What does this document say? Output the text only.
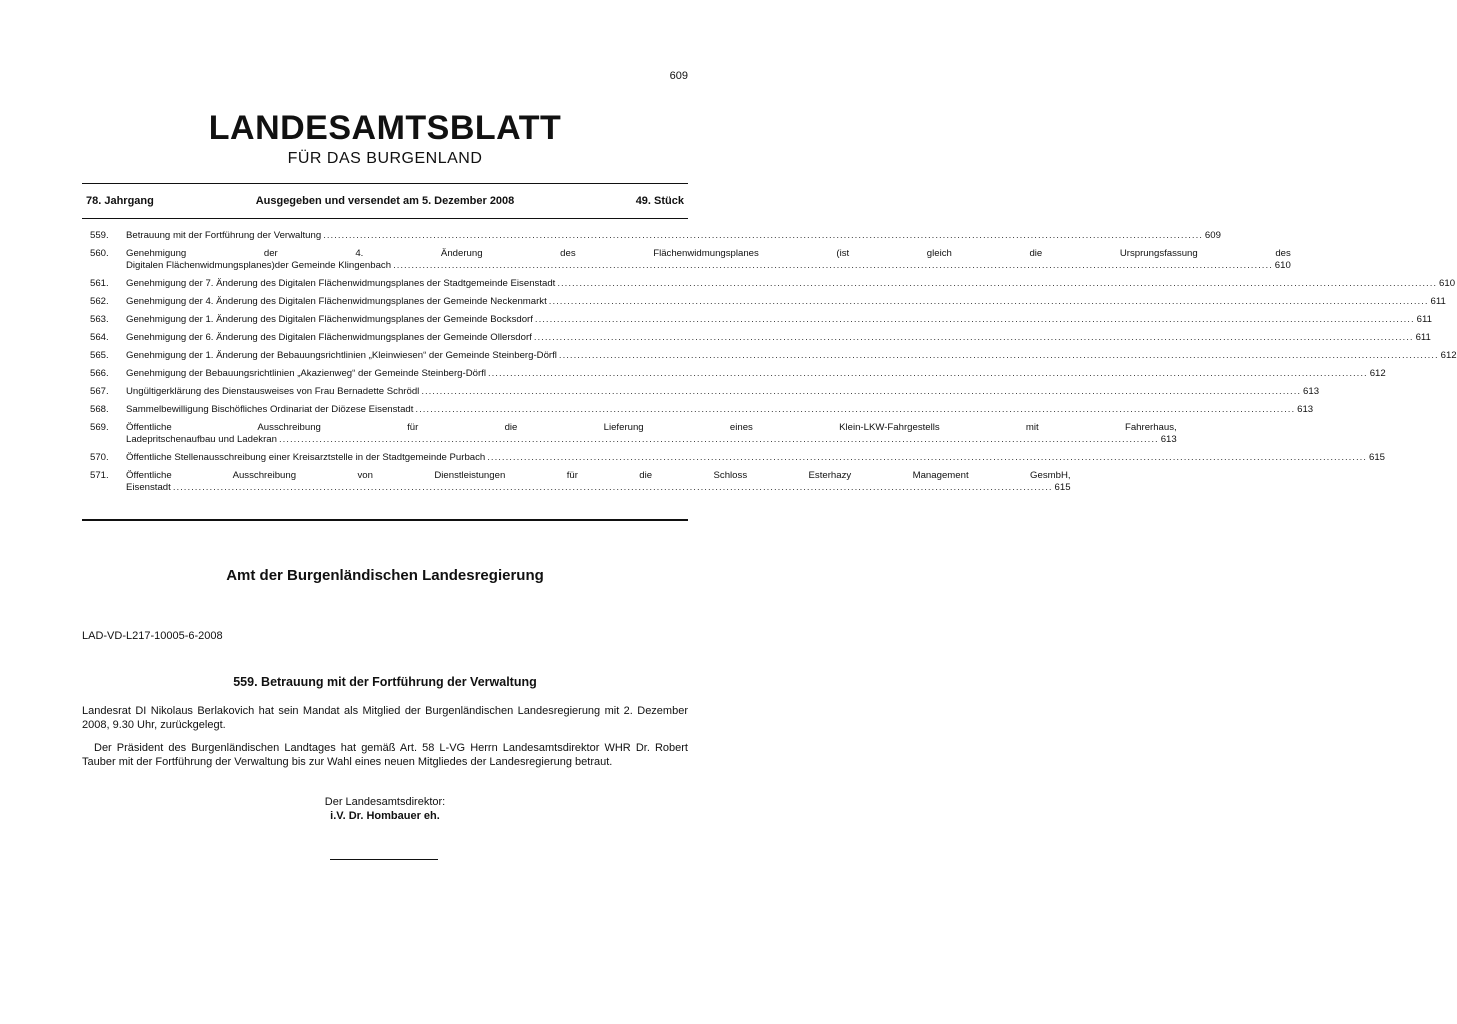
609
LANDESAMTSBLATT
FÜR DAS BURGENLAND
78. Jahrgang	Ausgegeben und versendet am 5. Dezember 2008	49. Stück
559.	Betrauung mit der Fortführung der Verwaltung .....	609
560.	Genehmigung der 4. Änderung des Flächenwidmungsplanes (ist gleich die Ursprungsfassung des
Digitalen Flächenwidmungsplanes)der Gemeinde Klingenbach .....	610
561.	Genehmigung der 7. Änderung des Digitalen Flächenwidmungsplanes der Stadtgemeinde Eisenstadt .....	610
562.	Genehmigung der 4. Änderung des Digitalen Flächenwidmungsplanes der Gemeinde Neckenmarkt .....	611
563.	Genehmigung der 1. Änderung des Digitalen Flächenwidmungsplanes der Gemeinde Bocksdorf .....	611
564.	Genehmigung der 6. Änderung des Digitalen Flächenwidmungsplanes der Gemeinde Ollersdorf .....	611
565.	Genehmigung der 1. Änderung der Bebauungsrichtlinien „Kleinwiesen“ der Gemeinde Steinberg-Dörfl .....	612
566.	Genehmigung der Bebauungsrichtlinien „Akazienweg“ der Gemeinde Steinberg-Dörfl .....	612
567.	Ungültigerklärung des Dienstausweises von Frau Bernadette Schrödl .....	613
568.	Sammelbewilligung Bischöfliches Ordinariat der Diözese Eisenstadt .....	613
569.	Öffentliche Ausschreibung für die Lieferung eines Klein-LKW-Fahrgestells mit Fahrerhaus,
Ladepritschenaufbau und Ladekran .....	613
570.	Öffentliche Stellenausschreibung einer Kreisarztstelle in der Stadtgemeinde Purbach .....	615
571.	Öffentliche Ausschreibung von Dienstleistungen für die Schloss Esterhazy Management GesmbH,
Eisenstadt .....	615
Amt der Burgenländischen Landesregierung
LAD-VD-L217-10005-6-2008
559. Betrauung mit der Fortführung der Verwaltung
Landesrat DI Nikolaus Berlakovich hat sein Mandat als Mitglied der Burgenländischen Landesregierung mit 2. Dezember 2008, 9.30 Uhr, zurückgelegt.
Der Präsident des Burgenländischen Landtages hat gemäß Art. 58 L-VG Herrn Landesamtsdirektor WHR Dr. Robert Tauber mit der Fortführung der Verwaltung bis zur Wahl eines neuen Mitgliedes der Landesregierung betraut.
Der Landesamtsdirektor:
i.V. Dr. Hombauer eh.
